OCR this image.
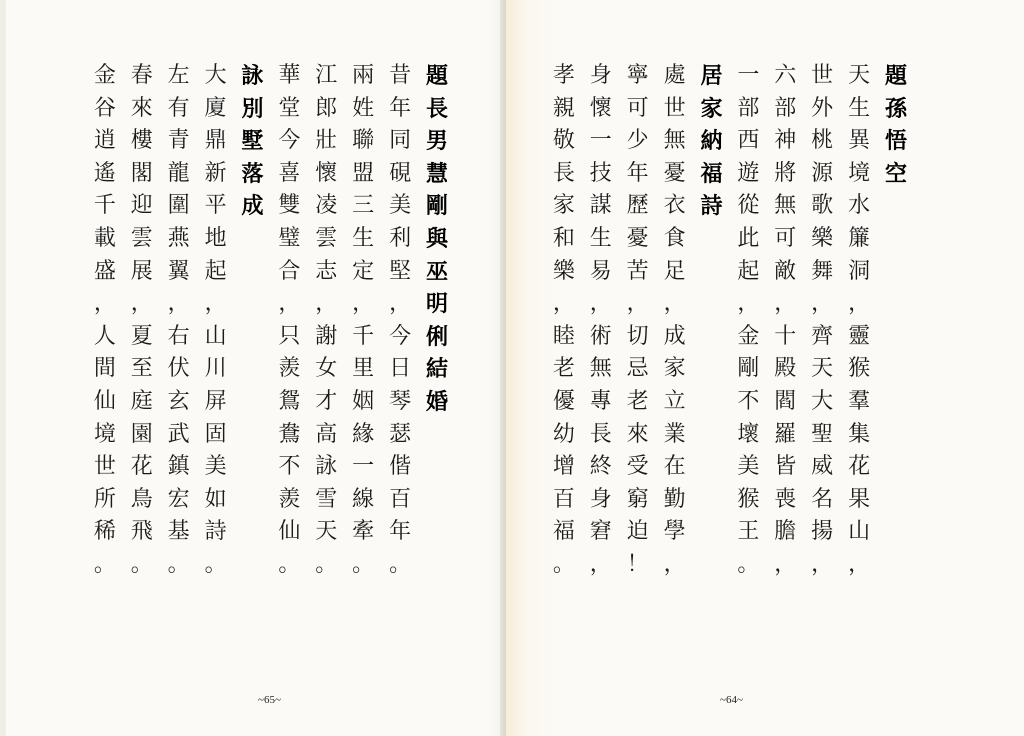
題
長
男
慧
剛
與
巫
明
俐
結
婚
昔
年
同
硯
美
利
堅
，
今
日
琴
瑟
偕
百
年
。
兩
姓
聯
盟
三
生
定
，
千
里
姻
緣
一
線
牽
。
江
郎
壯
懷
凌
雲
志
，
謝
女
才
高
詠
雪
天
。
華
堂
今
喜
雙
璧
合
，
只
羨
鴛
鴦
不
羨
仙
。
詠
別
墅
落
成
大
廈
鼎
新
平
地
起
，
山
川
屏
固
美
如
詩
。
左
有
青
龍
圍
燕
翼
，
右
伏
玄
武
鎮
宏
基
。
春
來
樓
閣
迎
雲
展
，
夏
至
庭
園
花
鳥
飛
。
金
谷
逍
遙
千
載
盛
，
人
間
仙
境
世
所
稀
。
~65~
題
孫
悟
空
天
生
異
境
水
簾
洞
，
靈
猴
羣
集
花
果
山
，
世
外
桃
源
歌
樂
舞
，
齊
天
大
聖
威
名
揚
，
六
部
神
將
無
可
敵
，
十
殿
閻
羅
皆
喪
膽
，
一
部
西
遊
從
此
起
，
金
剛
不
壞
美
猴
王
。
居
家
納
福
詩
處
世
無
憂
衣
食
足
，
成
家
立
業
在
勤
學
，
寧
可
少
年
歷
憂
苦
，
切
忌
老
來
受
窮
迫
！
身
懷
一
技
謀
生
易
，
術
無
專
長
終
身
窘
，
孝
親
敬
長
家
和
樂
，
睦
老
優
幼
增
百
福
。
~64~
